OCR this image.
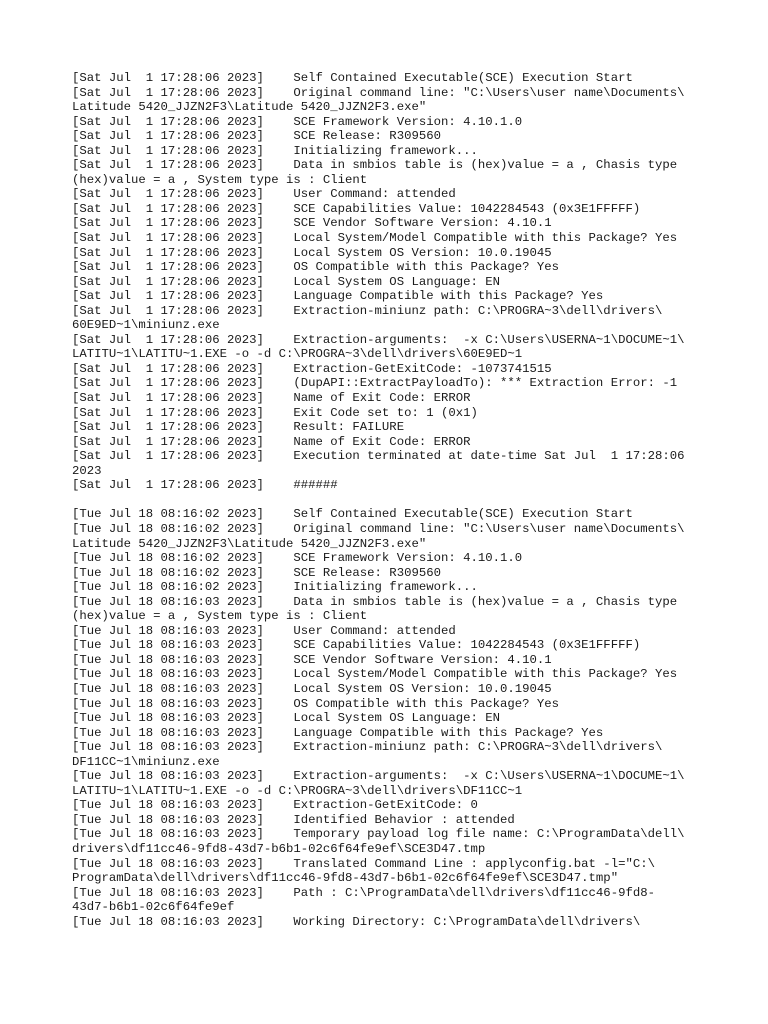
[Sat Jul  1 17:28:06 2023]    Self Contained Executable(SCE) Execution Start
[Sat Jul  1 17:28:06 2023]    Original command line: "C:\Users\user name\Documents\
Latitude 5420_JJZN2F3\Latitude 5420_JJZN2F3.exe"
[Sat Jul  1 17:28:06 2023]    SCE Framework Version: 4.10.1.0
[Sat Jul  1 17:28:06 2023]    SCE Release: R309560
[Sat Jul  1 17:28:06 2023]    Initializing framework...
[Sat Jul  1 17:28:06 2023]    Data in smbios table is (hex)value = a , Chasis type
(hex)value = a , System type is : Client
[Sat Jul  1 17:28:06 2023]    User Command: attended
[Sat Jul  1 17:28:06 2023]    SCE Capabilities Value: 1042284543 (0x3E1FFFFF)
[Sat Jul  1 17:28:06 2023]    SCE Vendor Software Version: 4.10.1
[Sat Jul  1 17:28:06 2023]    Local System/Model Compatible with this Package? Yes
[Sat Jul  1 17:28:06 2023]    Local System OS Version: 10.0.19045
[Sat Jul  1 17:28:06 2023]    OS Compatible with this Package? Yes
[Sat Jul  1 17:28:06 2023]    Local System OS Language: EN
[Sat Jul  1 17:28:06 2023]    Language Compatible with this Package? Yes
[Sat Jul  1 17:28:06 2023]    Extraction-miniunz path: C:\PROGRA~3\dell\drivers\
60E9ED~1\miniunz.exe
[Sat Jul  1 17:28:06 2023]    Extraction-arguments:  -x C:\Users\USERNA~1\DOCUME~1\
LATITU~1\LATITU~1.EXE -o -d C:\PROGRA~3\dell\drivers\60E9ED~1
[Sat Jul  1 17:28:06 2023]    Extraction-GetExitCode: -1073741515
[Sat Jul  1 17:28:06 2023]    (DupAPI::ExtractPayloadTo): *** Extraction Error: -1
[Sat Jul  1 17:28:06 2023]    Name of Exit Code: ERROR
[Sat Jul  1 17:28:06 2023]    Exit Code set to: 1 (0x1)
[Sat Jul  1 17:28:06 2023]    Result: FAILURE
[Sat Jul  1 17:28:06 2023]    Name of Exit Code: ERROR
[Sat Jul  1 17:28:06 2023]    Execution terminated at date-time Sat Jul  1 17:28:06
2023
[Sat Jul  1 17:28:06 2023]    ######
[Tue Jul 18 08:16:02 2023]    Self Contained Executable(SCE) Execution Start
[Tue Jul 18 08:16:02 2023]    Original command line: "C:\Users\user name\Documents\
Latitude 5420_JJZN2F3\Latitude 5420_JJZN2F3.exe"
[Tue Jul 18 08:16:02 2023]    SCE Framework Version: 4.10.1.0
[Tue Jul 18 08:16:02 2023]    SCE Release: R309560
[Tue Jul 18 08:16:02 2023]    Initializing framework...
[Tue Jul 18 08:16:03 2023]    Data in smbios table is (hex)value = a , Chasis type
(hex)value = a , System type is : Client
[Tue Jul 18 08:16:03 2023]    User Command: attended
[Tue Jul 18 08:16:03 2023]    SCE Capabilities Value: 1042284543 (0x3E1FFFFF)
[Tue Jul 18 08:16:03 2023]    SCE Vendor Software Version: 4.10.1
[Tue Jul 18 08:16:03 2023]    Local System/Model Compatible with this Package? Yes
[Tue Jul 18 08:16:03 2023]    Local System OS Version: 10.0.19045
[Tue Jul 18 08:16:03 2023]    OS Compatible with this Package? Yes
[Tue Jul 18 08:16:03 2023]    Local System OS Language: EN
[Tue Jul 18 08:16:03 2023]    Language Compatible with this Package? Yes
[Tue Jul 18 08:16:03 2023]    Extraction-miniunz path: C:\PROGRA~3\dell\drivers\
DF11CC~1\miniunz.exe
[Tue Jul 18 08:16:03 2023]    Extraction-arguments:  -x C:\Users\USERNA~1\DOCUME~1\
LATITU~1\LATITU~1.EXE -o -d C:\PROGRA~3\dell\drivers\DF11CC~1
[Tue Jul 18 08:16:03 2023]    Extraction-GetExitCode: 0
[Tue Jul 18 08:16:03 2023]    Identified Behavior : attended
[Tue Jul 18 08:16:03 2023]    Temporary payload log file name: C:\ProgramData\dell\
drivers\df11cc46-9fd8-43d7-b6b1-02c6f64fe9ef\SCE3D47.tmp
[Tue Jul 18 08:16:03 2023]    Translated Command Line : applyconfig.bat -l="C:\
ProgramData\dell\drivers\df11cc46-9fd8-43d7-b6b1-02c6f64fe9ef\SCE3D47.tmp"
[Tue Jul 18 08:16:03 2023]    Path : C:\ProgramData\dell\drivers\df11cc46-9fd8-
43d7-b6b1-02c6f64fe9ef
[Tue Jul 18 08:16:03 2023]    Working Directory: C:\ProgramData\dell\drivers\
